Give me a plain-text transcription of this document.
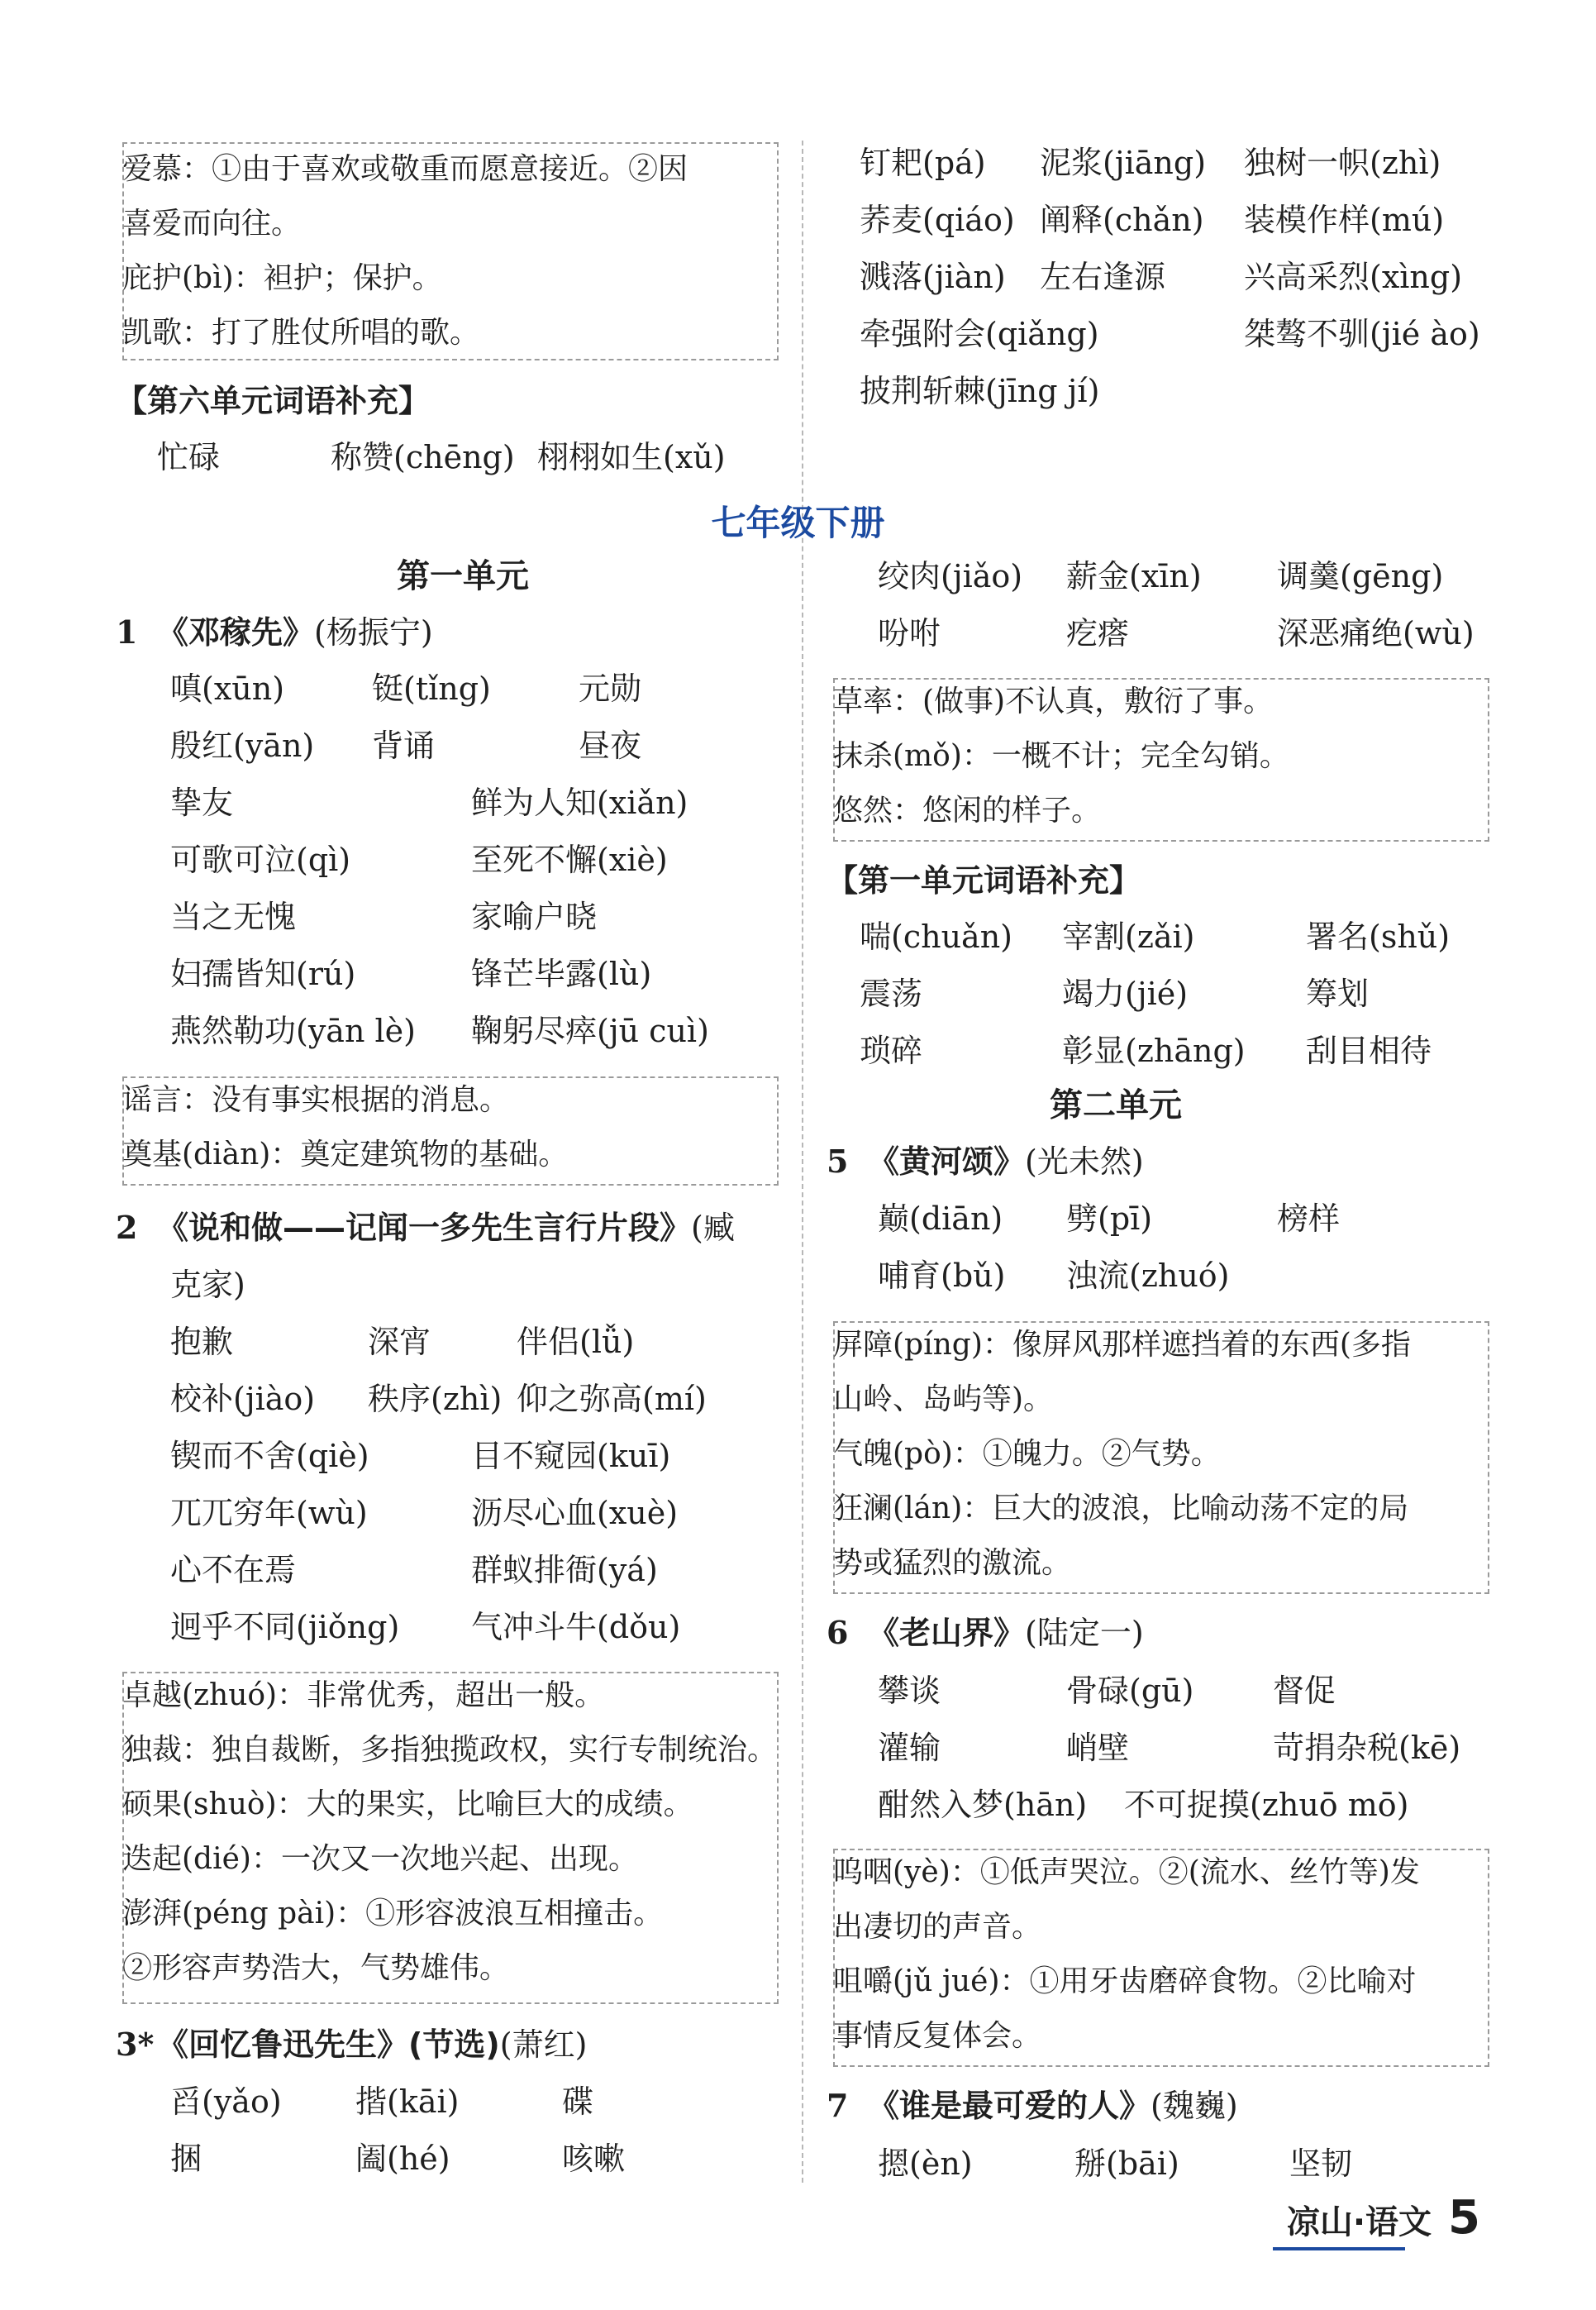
爱慕：①由于喜欢或敬重而愿意接近。②因
喜爱而向往。
庇护(bì)：袒护；保护。
凯歌：打了胜仗所唱的歌。
【第六单元词语补充】
忙碌	称赞(chēng) 栩栩如生(xǔ)
第一单元
1 《邓稼先》(杨振宁)
嗔(xūn)	铤(tǐng)	元勋
殷红(yān) 背诵	昼夜
挚友	鲜为人知(xiǎn)
可歌可泣(qì)	至死不懈(xiè)
当之无愧	家喻户晓
妇孺皆知(rú)	锋芒毕露(lù)
燕然勒功(yān lè) 鞠躬尽瘁(jū cuì)
谣言：没有事实根据的消息。
奠基(diàn)：奠定建筑物的基础。
2 《说和做——记闻一多先生言行片段》(臧
克家)
抱歉	深宵	伴侣(lǚ)
校补(jiào) 秩序(zhì) 仰之弥高(mí)
锲而不舍(qiè)	目不窥园(kuī)
兀兀穷年(wù)	沥尽心血(xuè)
心不在焉	群蚁排衙(yá)
迥乎不同(jiǒng) 气冲斗牛(dǒu)
卓越(zhuó)：非常优秀，超出一般。
独裁：独自裁断，多指独揽政权，实行专制统治。
硕果(shuò)：大的果实，比喻巨大的成绩。
迭起(dié)：一次又一次地兴起、出现。
澎湃(péng pài)：①形容波浪互相撞击。
②形容声势浩大，气势雄伟。
3*《回忆鲁迅先生》(节选)(萧红)
舀(yǎo) 揩(kāi)	碟
捆	阖(hé)	咳嗽
钉耙(pá) 泥浆(jiāng) 独树一帜(zhì)
荞麦(qiáo) 阐释(chǎn) 装模作样(mú)
溅落(jiàn) 左右逢源 兴高采烈(xìng)
牵强附会(qiǎng)	桀骜不驯(jié ào)
披荆斩棘(jīng jí)
绞肉(jiǎo) 薪金(xīn) 调羹(gēng)
吩咐	疙瘩	深恶痛绝(wù)
草率：(做事)不认真，敷衍了事。
抹杀(mǒ)：一概不计；完全勾销。
悠然：悠闲的样子。
【第一单元词语补充】
喘(chuǎn) 宰割(zǎi)	署名(shǔ)
震荡	竭力(jié)	筹划
琐碎	彰显(zhāng) 刮目相待
第二单元
5 《黄河颂》(光未然)
巅(diān) 劈(pī)	榜样
哺育(bǔ) 浊流(zhuó)
屏障(píng)：像屏风那样遮挡着的东西(多指
山岭、岛屿等)。
气魄(pò)：①魄力。②气势。
狂澜(lán)：巨大的波浪，比喻动荡不定的局
势或猛烈的激流。
6 《老山界》(陆定一)
攀谈	骨碌(gū)	督促
灌输	峭壁	苛捐杂税(kē)
酣然入梦(hān) 不可捉摸(zhuō mō)
呜咽(yè)：①低声哭泣。②(流水、丝竹等)发
出凄切的声音。
咀嚼(jǔ jué)：①用牙齿磨碎食物。②比喻对
事情反复体会。
7 《谁是最可爱的人》(魏巍)
摁(èn)	掰(bāi)	坚韧
七年级下册
凉山·语文 5
